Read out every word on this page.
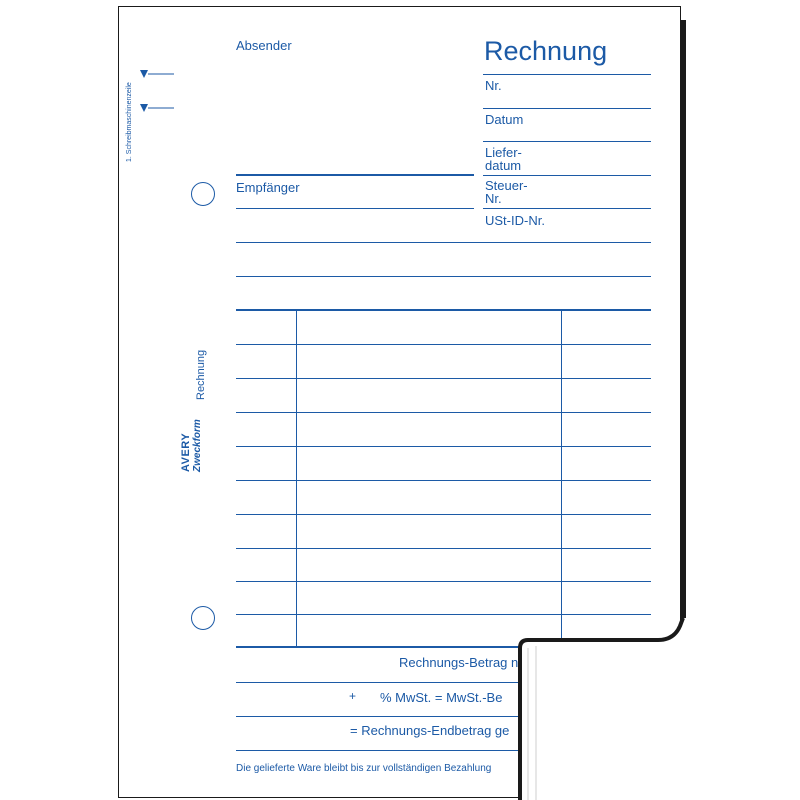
1. Schreibmaschinenzeile
Rechnung
AVERY Zweckform
Absender	Rechnung
Nr.
Datum
Liefer-
datum
Steuer-
Nr.
USt-ID-Nr.
Empfänger
Rechnungs-Betrag n
+ % MwSt. = MwSt.-Be
= Rechnungs-Endbetrag ge
Die gelieferte Ware bleibt bis zur vollständigen Bezahlung
